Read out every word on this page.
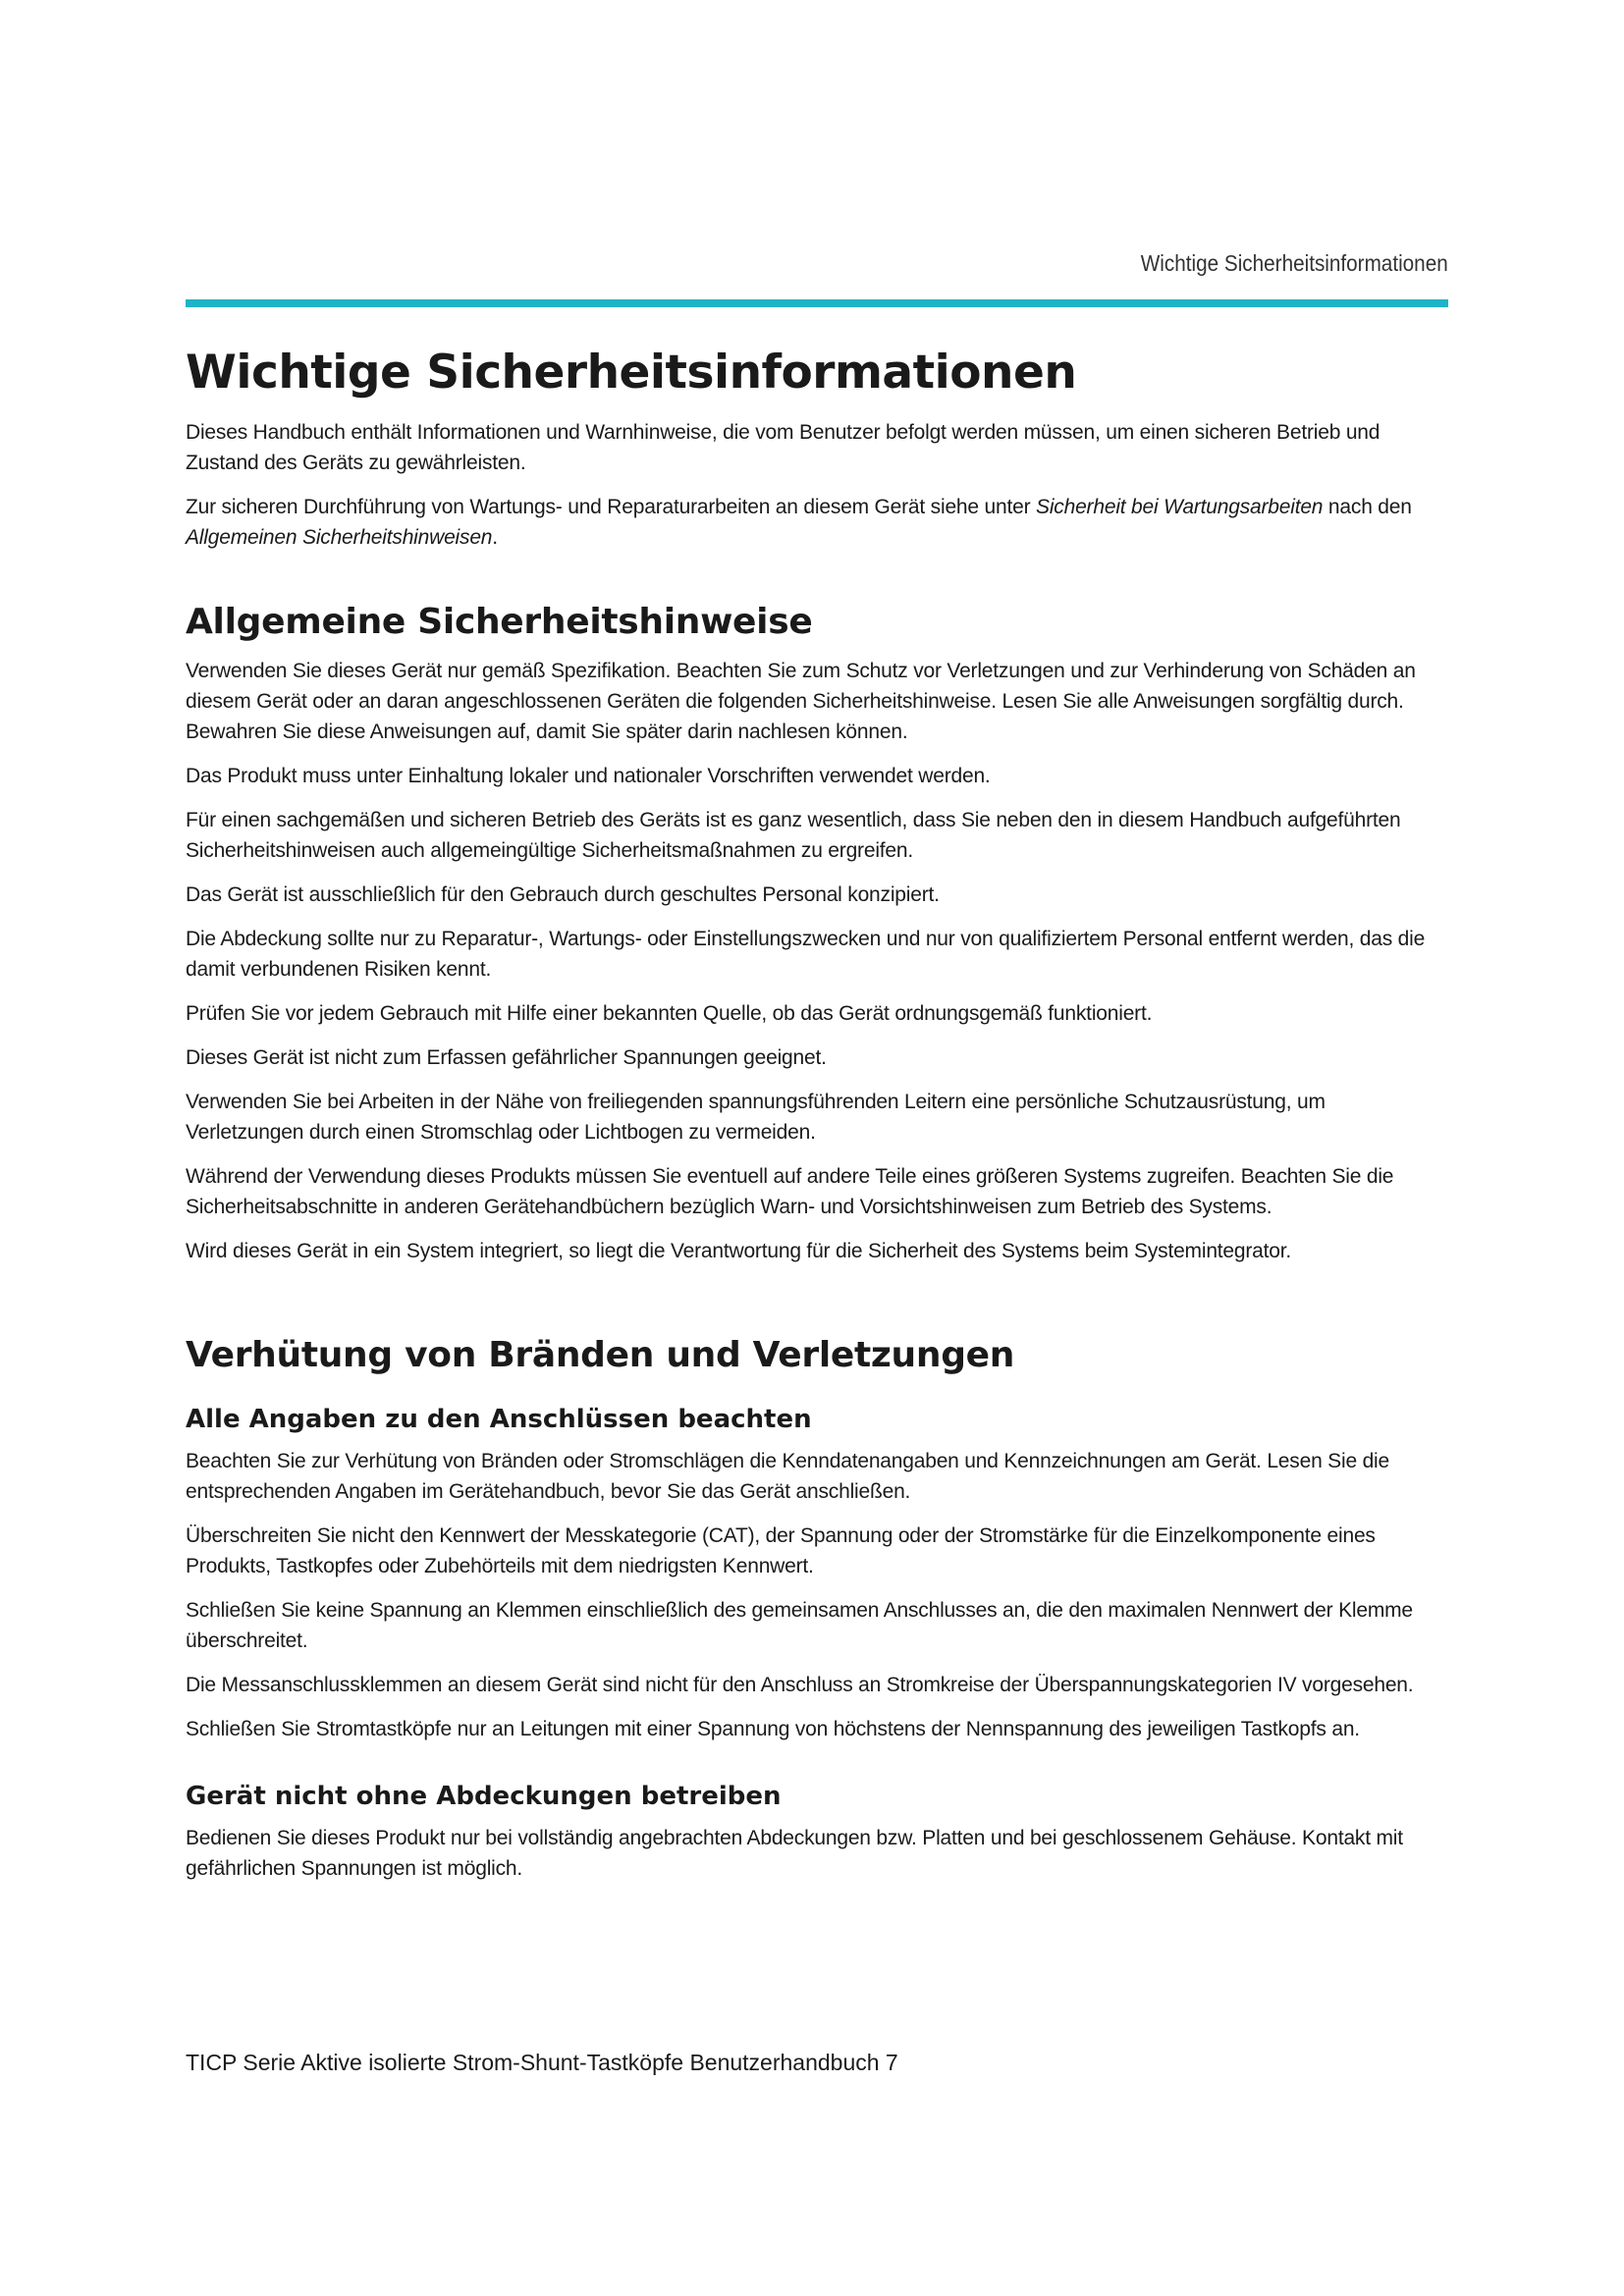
Wichtige Sicherheitsinformationen
Wichtige Sicherheitsinformationen

Dieses Handbuch enthält Informationen und Warnhinweise, die vom Benutzer befolgt werden müssen, um einen sicheren Betrieb und Zustand des Geräts zu gewährleisten.

Zur sicheren Durchführung von Wartungs- und Reparaturarbeiten an diesem Gerät siehe unter Sicherheit bei Wartungsarbeiten nach den Allgemeinen Sicherheitshinweisen.

Allgemeine Sicherheitshinweise

Verwenden Sie dieses Gerät nur gemäß Spezifikation. Beachten Sie zum Schutz vor Verletzungen und zur Verhinderung von Schäden an diesem Gerät oder an daran angeschlossenen Geräten die folgenden Sicherheitshinweise. Lesen Sie alle Anweisungen sorgfältig durch. Bewahren Sie diese Anweisungen auf, damit Sie später darin nachlesen können.

Das Produkt muss unter Einhaltung lokaler und nationaler Vorschriften verwendet werden.

Für einen sachgemäßen und sicheren Betrieb des Geräts ist es ganz wesentlich, dass Sie neben den in diesem Handbuch aufgeführten Sicherheitshinweisen auch allgemeingültige Sicherheitsmaßnahmen zu ergreifen.

Das Gerät ist ausschließlich für den Gebrauch durch geschultes Personal konzipiert.

Die Abdeckung sollte nur zu Reparatur-, Wartungs- oder Einstellungszwecken und nur von qualifiziertem Personal entfernt werden, das die damit verbundenen Risiken kennt.

Prüfen Sie vor jedem Gebrauch mit Hilfe einer bekannten Quelle, ob das Gerät ordnungsgemäß funktioniert.

Dieses Gerät ist nicht zum Erfassen gefährlicher Spannungen geeignet.

Verwenden Sie bei Arbeiten in der Nähe von freiliegenden spannungsführenden Leitern eine persönliche Schutzausrüstung, um Verletzungen durch einen Stromschlag oder Lichtbogen zu vermeiden.

Während der Verwendung dieses Produkts müssen Sie eventuell auf andere Teile eines größeren Systems zugreifen. Beachten Sie die Sicherheitsabschnitte in anderen Gerätehandbüchern bezüglich Warn- und Vorsichtshinweisen zum Betrieb des Systems.

Wird dieses Gerät in ein System integriert, so liegt die Verantwortung für die Sicherheit des Systems beim Systemintegrator.

Verhütung von Bränden und Verletzungen
Alle Angaben zu den Anschlüssen beachten

Beachten Sie zur Verhütung von Bränden oder Stromschlägen die Kenndatenangaben und Kennzeichnungen am Gerät. Lesen Sie die entsprechenden Angaben im Gerätehandbuch, bevor Sie das Gerät anschließen.

Überschreiten Sie nicht den Kennwert der Messkategorie (CAT), der Spannung oder der Stromstärke für die Einzelkomponente eines Produkts, Tastkopfes oder Zubehörteils mit dem niedrigsten Kennwert.

Schließen Sie keine Spannung an Klemmen einschließlich des gemeinsamen Anschlusses an, die den maximalen Nennwert der Klemme überschreitet.

Die Messanschlussklemmen an diesem Gerät sind nicht für den Anschluss an Stromkreise der Überspannungskategorien IV vorgesehen.

Schließen Sie Stromtastköpfe nur an Leitungen mit einer Spannung von höchstens der Nennspannung des jeweiligen Tastkopfs an.

Gerät nicht ohne Abdeckungen betreiben

Bedienen Sie dieses Produkt nur bei vollständig angebrachten Abdeckungen bzw. Platten und bei geschlossenem Gehäuse. Kontakt mit gefährlichen Spannungen ist möglich.

TICP Serie Aktive isolierte Strom-Shunt-Tastköpfe Benutzerhandbuch 7
